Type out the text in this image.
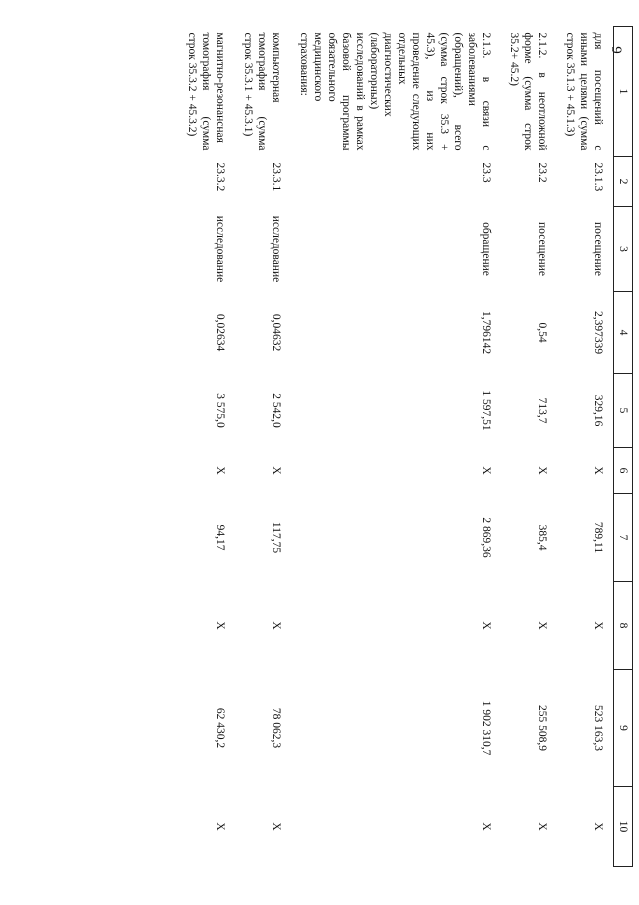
9
1	2	3	4	5	6	7	8	9	10
для посещений с иными целями (сумма строк 35.1.3 + 45.1.3)	23.1.3	посещение	2,397339	329,16	X	789,11	X	523 163,3	X
2.1.2. в неотложной форме (сумма строк 35.2+ 45.2)	23.2	посещение	0,54	713,7	X	385,4	X	255 508,9	X
2.1.3. в связи с заболеваниями (обращений), всего (сумма строк 35.3 + 45.3), из них проведение следующих отдельных диагностических (лабораторных) исследований в рамках базовой программы обязательного медицинского страхования:	23.3	обращение	1,796142	1 597,51	X	2 869,36	X	1 902 310,7	X
компьютерная томография (сумма строк 35.3.1 + 45.3.1)	23.3.1	исследование	0,04632	2 542,0	X	117,75	X	78 062,3	X
магнитно-резонансная томография (сумма строк 35.3.2 + 45.3.2)	23.3.2	исследование	0,02634	3 575,0	X	94,17	X	62 430,2	X
